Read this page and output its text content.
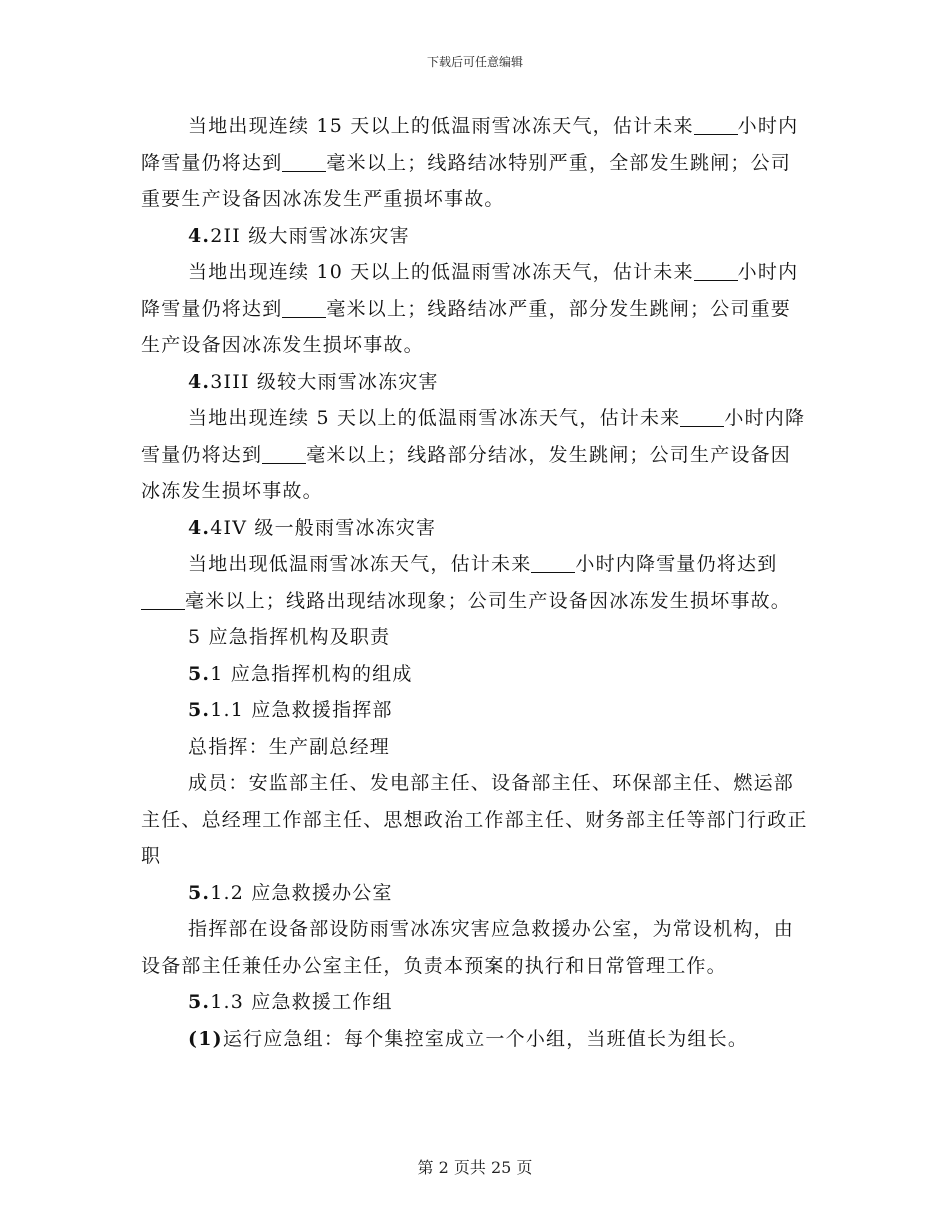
下载后可任意编辑

当地出现连续 15 天以上的低温雨雪冰冻天气，估计未来 小时内降雪量仍将达到 毫米以上；线路结冰特别严重，全部发生跳闸；公司重要生产设备因冰冻发生严重损坏事故。

4.2II 级大雨雪冰冻灾害

当地出现连续 10 天以上的低温雨雪冰冻天气，估计未来 小时内降雪量仍将达到 毫米以上；线路结冰严重，部分发生跳闸；公司重要生产设备因冰冻发生损坏事故。

4.3III 级较大雨雪冰冻灾害

当地出现连续 5 天以上的低温雨雪冰冻天气，估计未来 小时内降雪量仍将达到 毫米以上；线路部分结冰，发生跳闸；公司生产设备因冰冻发生损坏事故。

4.4IV 级一般雨雪冰冻灾害

当地出现低温雨雪冰冻天气，估计未来 小时内降雪量仍将达到毫米以上；线路出现结冰现象；公司生产设备因冰冻发生损坏事故。

5 应急指挥机构及职责

5.1 应急指挥机构的组成

5.1.1 应急救援指挥部

总指挥：生产副总经理

成员：安监部主任、发电部主任、设备部主任、环保部主任、燃运部主任、总经理工作部主任、思想政治工作部主任、财务部主任等部门行政正职

5.1.2 应急救援办公室

指挥部在设备部设防雨雪冰冻灾害应急救援办公室，为常设机构，由设备部主任兼任办公室主任，负责本预案的执行和日常管理工作。

5.1.3 应急救援工作组

(1)运行应急组：每个集控室成立一个小组，当班值长为组长。

第 2 页共 25 页
